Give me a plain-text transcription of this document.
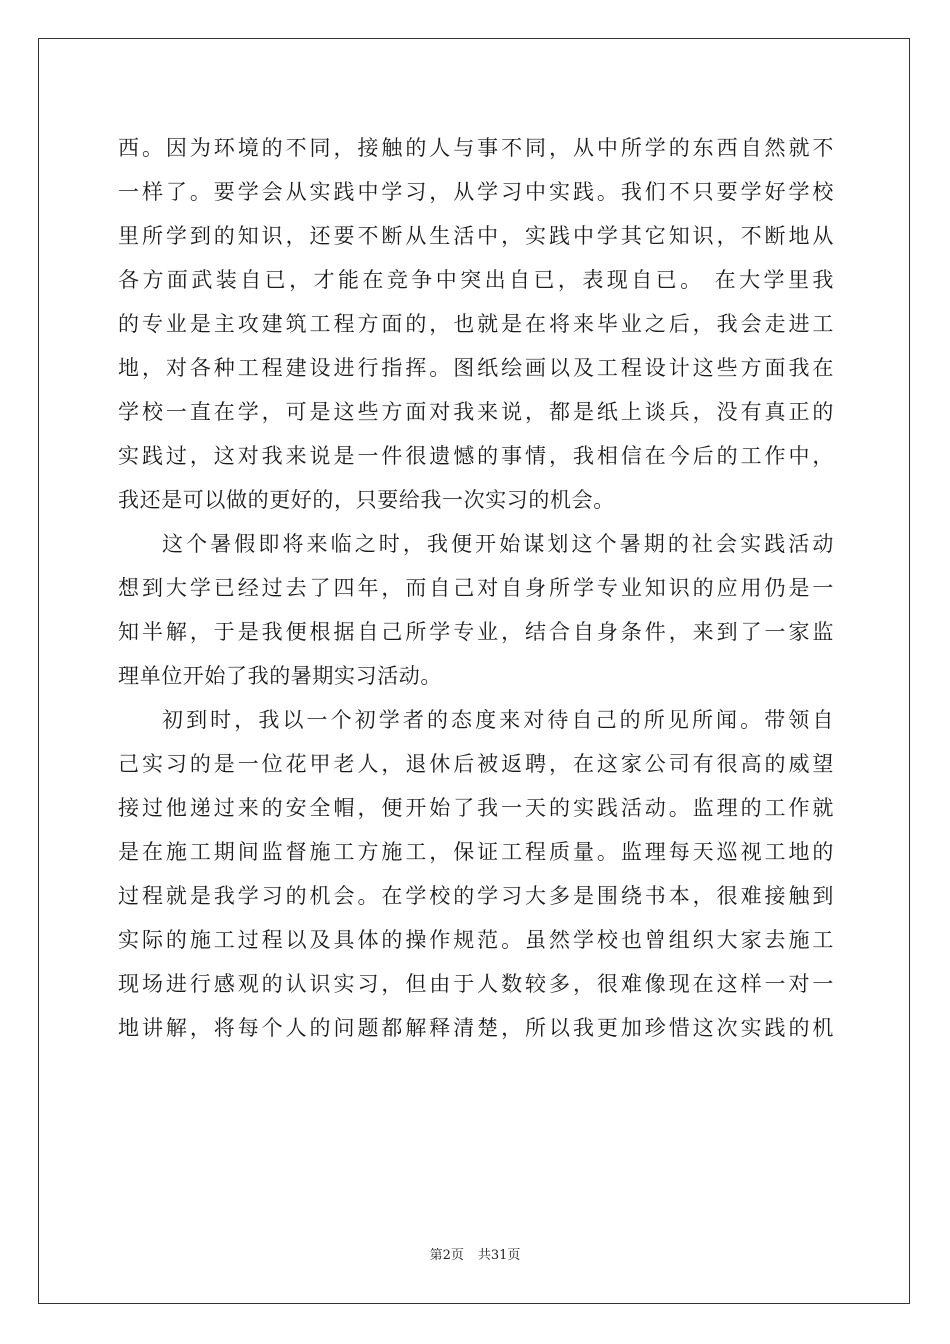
西。因为环境的不同，接触的人与事不同，从中所学的东西自然就不
一样了。要学会从实践中学习，从学习中实践。我们不只要学好学校
里所学到的知识，还要不断从生活中，实践中学其它知识，不断地从
各方面武装自已，才能在竞争中突出自已，表现自已。 在大学里我
的专业是主攻建筑工程方面的，也就是在将来毕业之后，我会走进工
地，对各种工程建设进行指挥。图纸绘画以及工程设计这些方面我在
学校一直在学，可是这些方面对我来说，都是纸上谈兵，没有真正的
实践过，这对我来说是一件很遗憾的事情，我相信在今后的工作中，
我还是可以做的更好的，只要给我一次实习的机会。
这个暑假即将来临之时，我便开始谋划这个暑期的社会实践活动
想到大学已经过去了四年，而自己对自身所学专业知识的应用仍是一
知半解，于是我便根据自己所学专业，结合自身条件，来到了一家监
理单位开始了我的暑期实习活动。
初到时，我以一个初学者的态度来对待自己的所见所闻。带领自
己实习的是一位花甲老人，退休后被返聘，在这家公司有很高的威望
接过他递过来的安全帽，便开始了我一天的实践活动。监理的工作就
是在施工期间监督施工方施工，保证工程质量。监理每天巡视工地的
过程就是我学习的机会。在学校的学习大多是围绕书本，很难接触到
实际的施工过程以及具体的操作规范。虽然学校也曾组织大家去施工
现场进行感观的认识实习，但由于人数较多，很难像现在这样一对一
地讲解，将每个人的问题都解释清楚，所以我更加珍惜这次实践的机
第2页 共31页
